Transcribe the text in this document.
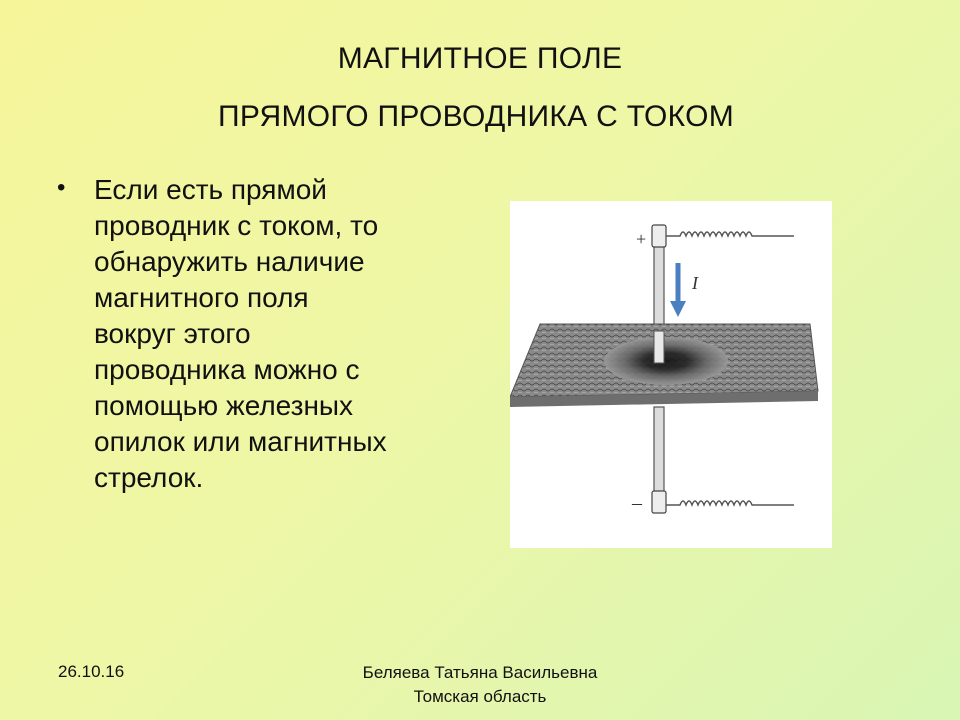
МАГНИТНОЕ ПОЛЕ
ПРЯМОГО ПРОВОДНИКА С ТОКОМ
• Если есть прямой
проводник с током, то
обнаружить наличие
магнитного поля
вокруг этого
проводника можно с
помощью железных
опилок или магнитных
стрелок.
+
I
–
26.10.16	Беляева Татьяна Васильевна
Томская область
